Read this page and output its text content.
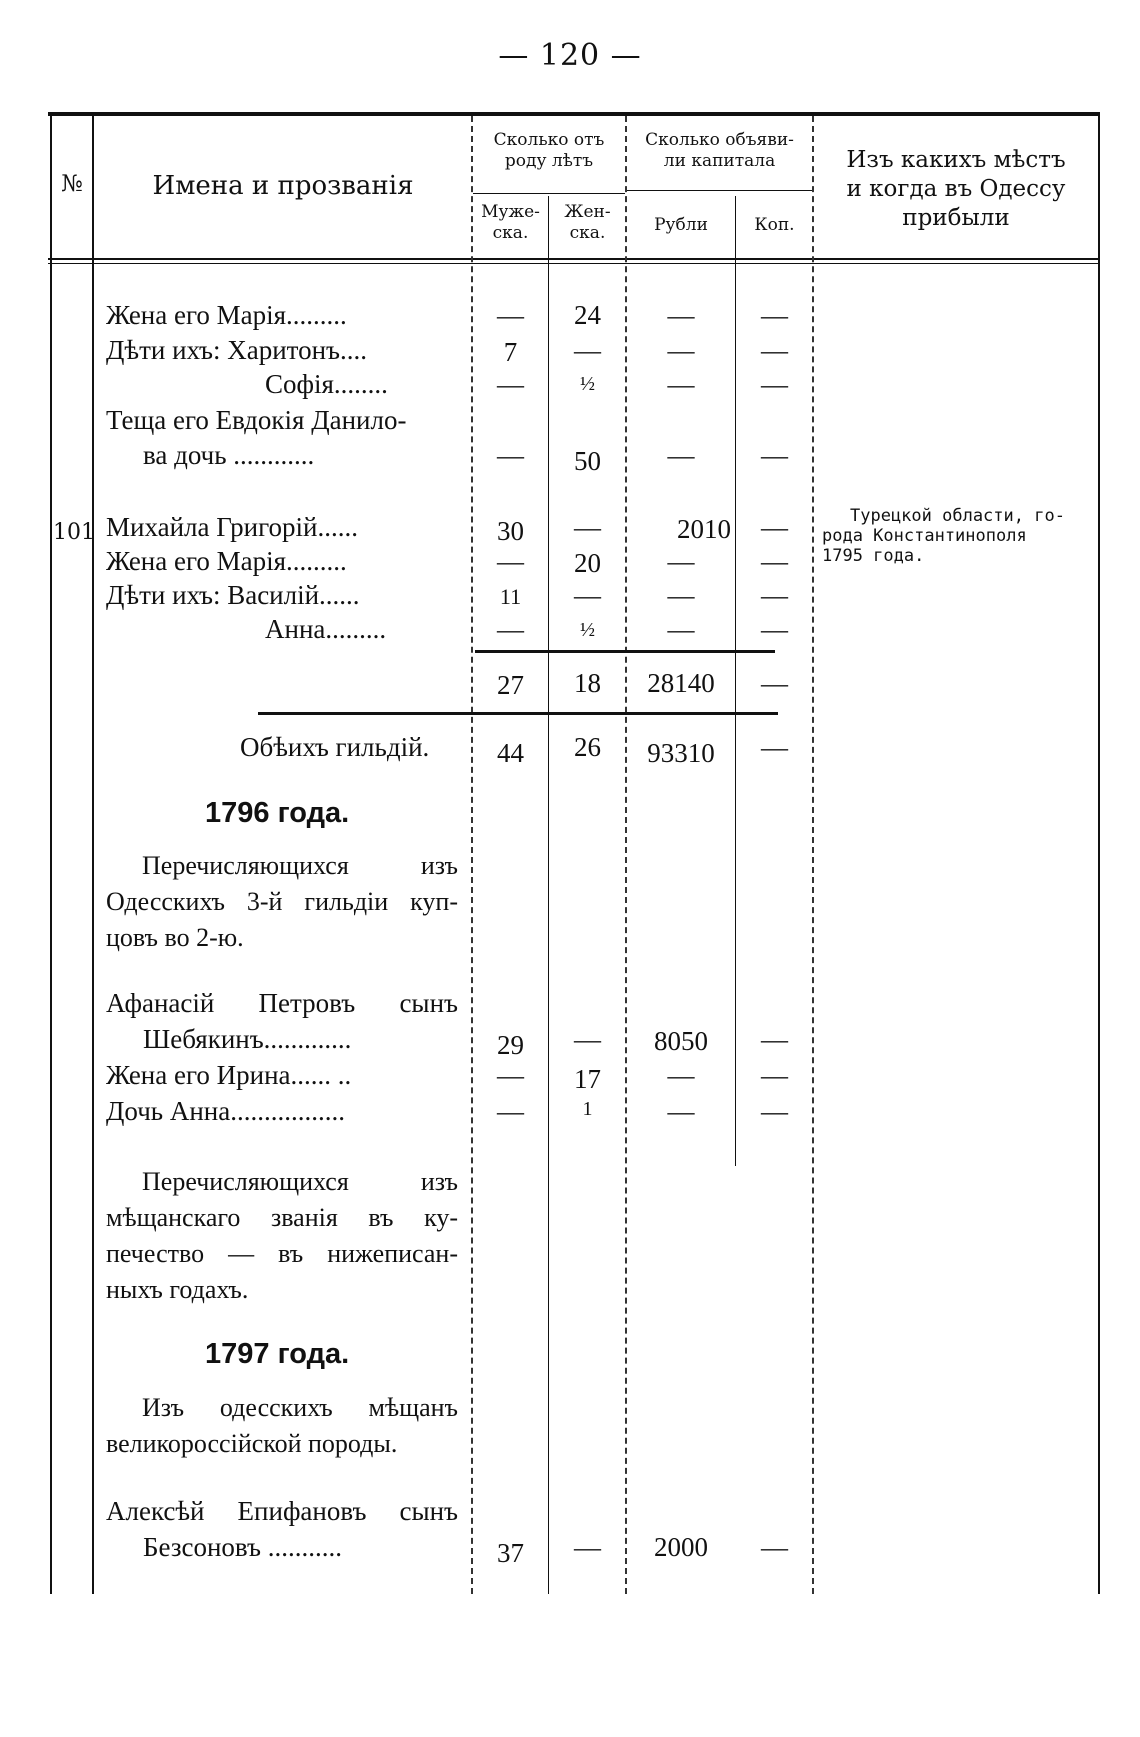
— 120 —
№	Имена и прозванія
Сколько отъ
роду лѣтъ
Муже-
ска.
Жен-
ска.
Сколько объяви-
ли капитала
Рубли	Коп.
Изъ какихъ мѣстъ
и когда въ Одессу
прибыли
Жена его Марія.........	—	24	—	—
Дѣти ихъ: Харитонъ....	7	—	—	—
Софія........	—	½	—	—
Теща его Евдокія Данило-
ва дочь ............	—	50	—	—
101 Михайла Григорій......	30	—	2010	—	Турецкой области, го-
рода Константинополя
1795 года.
Жена его Марія.........	—	20	—	—
Дѣти ихъ: Василій......	11	—	—	—
Анна.........	—	½	—	—
27	18	28140	—
Обѣихъ гильдій.	44	26	93310	—
1796 года.
Перечисляющихся изъ
Одесскихъ 3-й гильдіи куп-
цовъ во 2-ю.
Афанасій Петровъ сынъ
Шебякинъ.............	29	—	8050	—
Жена его Ирина...... ..	—	17	—	—
Дочь Анна.................	—	1	—	—
Перечисляющихся изъ
мѣщанскаго званія въ ку-
печество — въ нижеписан-
ныхъ годахъ.
1797 года.
Изъ одесскихъ мѣщанъ
великороссійской породы.
Алексѣй Епифановъ сынъ
Безсоновъ ...........	37	—	2000	—
